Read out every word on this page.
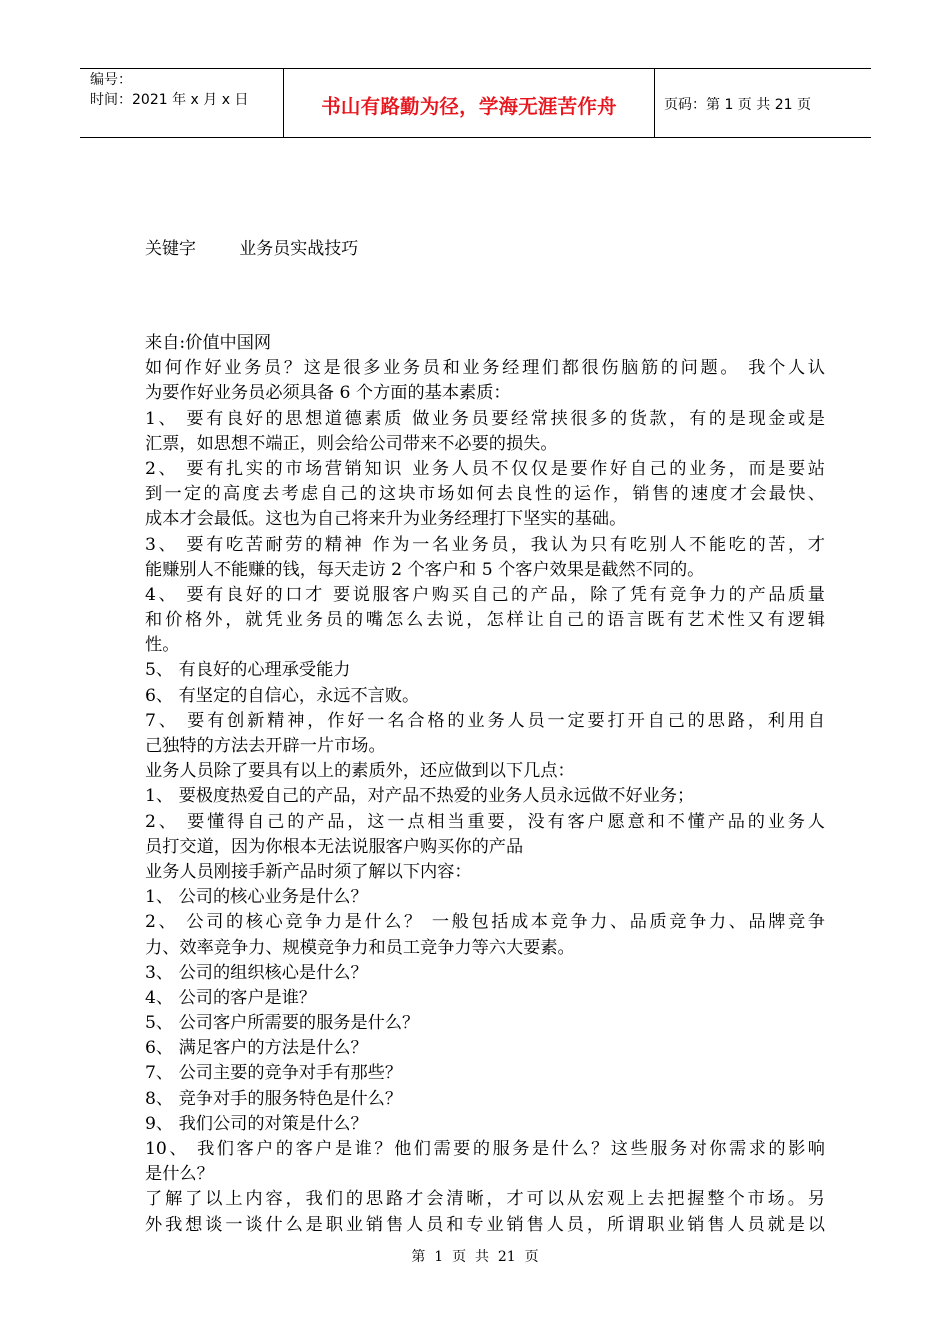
编号：
时间：2021 年 x 月 x 日	书山有路勤为径，学海无涯苦作舟	页码：第 1 页 共 21 页
关键字        业务员实战技巧
来自:价值中国网
如何作好业务员？这是很多业务员和业务经理们都很伤脑筋的问题。 我个人认
为要作好业务员必须具备 6 个方面的基本素质：
1、 要有良好的思想道德素质 做业务员要经常挟很多的货款，有的是现金或是
汇票，如思想不端正，则会给公司带来不必要的损失。
2、 要有扎实的市场营销知识 业务人员不仅仅是要作好自己的业务，而是要站
到一定的高度去考虑自己的这块市场如何去良性的运作，销售的速度才会最快、
成本才会最低。这也为自己将来升为业务经理打下坚实的基础。
3、 要有吃苦耐劳的精神 作为一名业务员，我认为只有吃别人不能吃的苦，才
能赚别人不能赚的钱，每天走访 2 个客户和 5 个客户效果是截然不同的。
4、 要有良好的口才 要说服客户购买自己的产品，除了凭有竞争力的产品质量
和价格外，就凭业务员的嘴怎么去说，怎样让自己的语言既有艺术性又有逻辑
性。
5、 有良好的心理承受能力
6、 有坚定的自信心，永远不言败。
7、 要有创新精神，作好一名合格的业务人员一定要打开自己的思路，利用自
己独特的方法去开辟一片市场。
业务人员除了要具有以上的素质外，还应做到以下几点：
1、 要极度热爱自己的产品，对产品不热爱的业务人员永远做不好业务；
2、 要懂得自己的产品，这一点相当重要，没有客户愿意和不懂产品的业务人
员打交道，因为你根本无法说服客户购买你的产品
业务人员刚接手新产品时须了解以下内容：
1、 公司的核心业务是什么？
2、 公司的核心竞争力是什么？ 一般包括成本竞争力、品质竞争力、品牌竞争
力、效率竞争力、规模竞争力和员工竞争力等六大要素。
3、 公司的组织核心是什么？
4、 公司的客户是谁？
5、 公司客户所需要的服务是什么？
6、 满足客户的方法是什么？
7、 公司主要的竞争对手有那些？
8、 竞争对手的服务特色是什么？
9、 我们公司的对策是什么？
10、 我们客户的客户是谁？他们需要的服务是什么？这些服务对你需求的影响
是什么？
了解了以上内容，我们的思路才会清晰，才可以从宏观上去把握整个市场。另
外我想谈一谈什么是职业销售人员和专业销售人员，所谓职业销售人员就是以
第  1  页  共  21  页
